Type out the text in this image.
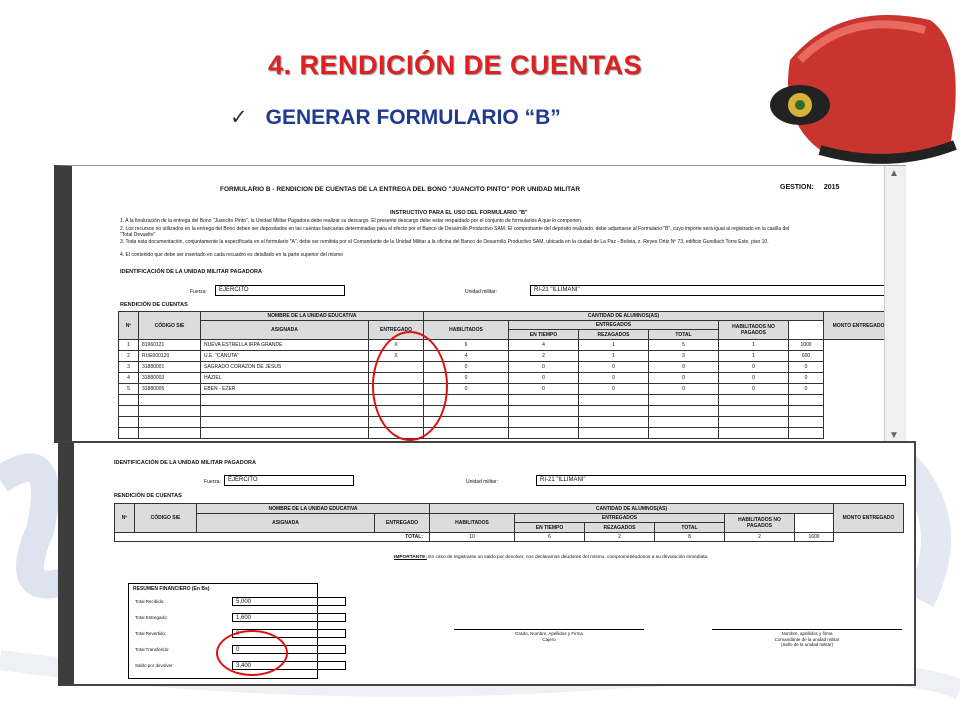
4. RENDICIÓN DE CUENTAS
✓ GENERAR FORMULARIO “B”
FORMULARIO B - RENDICION DE CUENTAS DE LA ENTREGA DEL BONO "JUANCITO PINTO" POR UNIDAD MILITAR	GESTION: 2015
INSTRUCTIVO PARA EL USO DEL FORMULARIO "B"
1. A la finalización de la entrega del Bono "Juancito Pinto", la Unidad Militar Pagadora debe realizar su descargo. El presente descargo debe estar respaldado por el conjunto de formularios A que lo componen.
2. Los recursos no utilizados en la entrega del Bono deben ser depositados en las cuentas bancarias determinadas para el efecto por el Banco de Desarrollo Productivo SAM. El comprobante del depósito realizado, debe adjuntarse al Formulario "B", cuyo importe será igual al registrado en la casilla del "Total Devuelto"
3. Toda esta documentación, conjuntamente la especificada en el formulario "A", debe ser remitida por el Comandante de la Unidad Militar a la oficina del Banco de Desarrollo Productivo SAM, ubicada en la ciudad de La Paz - Bolivia, z. Reyes Ortiz Nº 73, edificio Gundlach Torre Este, piso 10.
4. El contenido que debe ser insertado en cada recuadro es detallado en la parte superior del mismo
IDENTIFICACIÓN DE LA UNIDAD MILITAR PAGADORA
Fuerza:	EJERCITO	Unidad militar:	RI-21 "ILLIMANI"
RENDICIÓN DE CUENTAS
Nº	CÓDIGO SIE	NOMBRE DE LA UNIDAD EDUCATIVA		CANTIDAD DE ALUMNOS(AS)						MONTO ENTREGADO
		ASIGNADA	ENTREGADO	HABILITADOS	ENTREGADOS			HABILITADOS NO PAGADOS		
					EN TIEMPO	REZAGADOS	TOTAL			
1	81960121	NUEVA ESTRELLA IRPA GRANDE	X	6	4	1	5	1	1000	
2	RUE000120	U.E. "CANUTA"	X	4	2	1	3	1	600	
3	31880001	SAGRADO CORAZON DE JESUS		0	0	0	0	0	0	
4	31880003	HAZIEL		0	0	0	0	0	0	
5	31880005	EBEN - EZER		0	0	0	0	0	0	

▲
▼
IDENTIFICACIÓN DE LA UNIDAD MILITAR PAGADORA
Fuerza:	EJERCITO	Unidad militar:	RI-21 "ILLIMANI"
RENDICIÓN DE CUENTAS
Nº	CÓDIGO SIE	NOMBRE DE LA UNIDAD EDUCATIVA		CANTIDAD DE ALUMNOS(AS)						MONTO ENTREGADO
		ASIGNADA	ENTREGADO	HABILITADOS	ENTREGADOS			HABILITADOS NO PAGADOS		
					EN TIEMPO	REZAGADOS	TOTAL			
TOTAL:				10	6	2	8	2	1600	
IMPORTANTE: En caso de registrarse un saldo por devolver, nos declaramos deudores del mismo, comprometiéndonos a su devolución inmediata.
RESUMEN FINANCIERO (En Bs)
Total Recibido:	5,000
Total Entregado:	1,600
Total Revertido:	0
Total Transferido:	0
Saldo por devolver:	3,400
Grado, Nombre, Apellidos y Firma
Cajero
Nombre, apellidos y firma
Comandante de la unidad militar
(Sello de la unidad militar)
